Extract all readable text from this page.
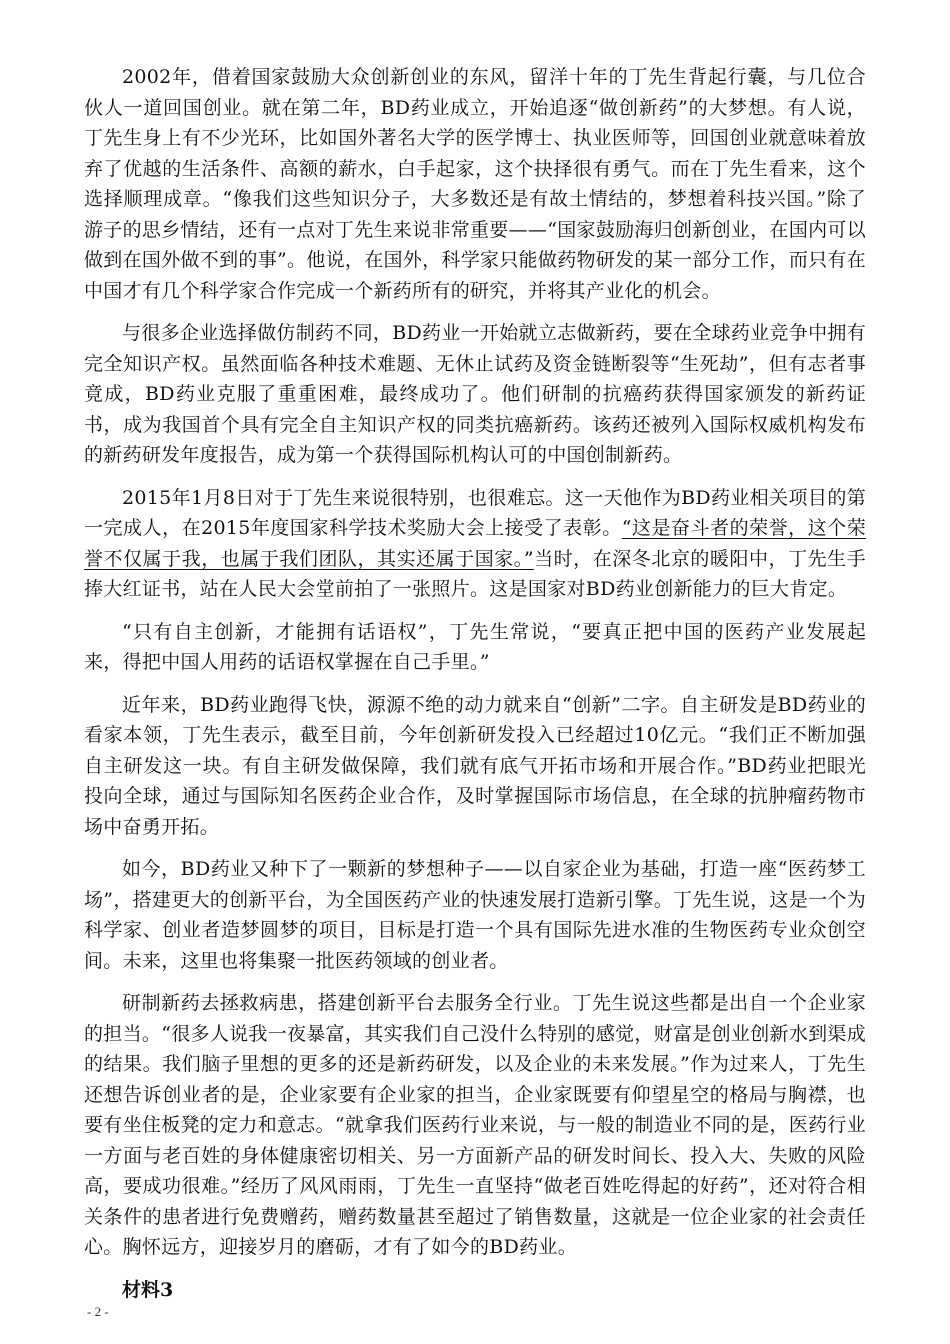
2002年，借着国家鼓励大众创新创业的东风，留洋十年的丁先生背起行囊，与几位合伙人一道回国创业。就在第二年，BD药业成立，开始追逐“做创新药”的大梦想。有人说，丁先生身上有不少光环，比如国外著名大学的医学博士、执业医师等，回国创业就意味着放弃了优越的生活条件、高额的薪水，白手起家，这个抉择很有勇气。而在丁先生看来，这个选择顺理成章。“像我们这些知识分子，大多数还是有故土情结的，梦想着科技兴国。”除了游子的思乡情结，还有一点对丁先生来说非常重要——“国家鼓励海归创新创业，在国内可以做到在国外做不到的事”。他说，在国外，科学家只能做药物研发的某一部分工作，而只有在中国才有几个科学家合作完成一个新药所有的研究，并将其产业化的机会。

与很多企业选择做仿制药不同，BD药业一开始就立志做新药，要在全球药业竞争中拥有完全知识产权。虽然面临各种技术难题、无休止试药及资金链断裂等“生死劫”，但有志者事竟成，BD药业克服了重重困难，最终成功了。他们研制的抗癌药获得国家颁发的新药证书，成为我国首个具有完全自主知识产权的同类抗癌新药。该药还被列入国际权威机构发布的新药研发年度报告，成为第一个获得国际机构认可的中国创制新药。

2015年1月8日对于丁先生来说很特别，也很难忘。这一天他作为BD药业相关项目的第一完成人，在2015年度国家科学技术奖励大会上接受了表彰。“这是奋斗者的荣誉，这个荣誉不仅属于我，也属于我们团队，其实还属于国家。”当时，在深冬北京的暖阳中，丁先生手捧大红证书，站在人民大会堂前拍了一张照片。这是国家对BD药业创新能力的巨大肯定。

“只有自主创新，才能拥有话语权”，丁先生常说，“要真正把中国的医药产业发展起来，得把中国人用药的话语权掌握在自己手里。”

近年来，BD药业跑得飞快，源源不绝的动力就来自“创新”二字。自主研发是BD药业的看家本领，丁先生表示，截至目前，今年创新研发投入已经超过10亿元。“我们正不断加强自主研发这一块。有自主研发做保障，我们就有底气开拓市场和开展合作。”BD药业把眼光投向全球，通过与国际知名医药企业合作，及时掌握国际市场信息，在全球的抗肿瘤药物市场中奋勇开拓。

如今，BD药业又种下了一颗新的梦想种子——以自家企业为基础，打造一座“医药梦工场”，搭建更大的创新平台，为全国医药产业的快速发展打造新引擎。丁先生说，这是一个为科学家、创业者造梦圆梦的项目，目标是打造一个具有国际先进水准的生物医药专业众创空间。未来，这里也将集聚一批医药领域的创业者。

研制新药去拯救病患，搭建创新平台去服务全行业。丁先生说这些都是出自一个企业家的担当。“很多人说我一夜暴富，其实我们自己没什么特别的感觉，财富是创业创新水到渠成的结果。我们脑子里想的更多的还是新药研发，以及企业的未来发展。”作为过来人，丁先生还想告诉创业者的是，企业家要有企业家的担当，企业家既要有仰望星空的格局与胸襟，也要有坐住板凳的定力和意志。“就拿我们医药行业来说，与一般的制造业不同的是，医药行业一方面与老百姓的身体健康密切相关、另一方面新产品的研发时间长、投入大、失败的风险高，要成功很难。”经历了风风雨雨，丁先生一直坚持“做老百姓吃得起的好药”，还对符合相关条件的患者进行免费赠药，赠药数量甚至超过了销售数量，这就是一位企业家的社会责任心。胸怀远方，迎接岁月的磨砺，才有了如今的BD药业。

材料3

- 2 -
